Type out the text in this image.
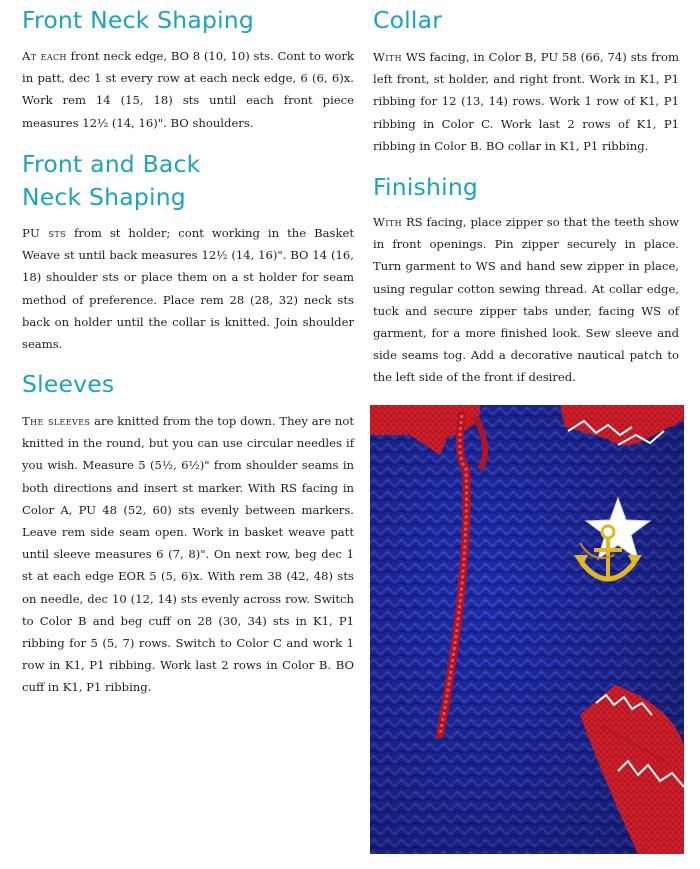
Front Neck Shaping

At each front neck edge, BO 8 (10, 10) sts. Cont to work in patt, dec 1 st every row at each neck edge, 6 (6, 6)x. Work rem 14 (15, 18) sts until each front piece measures 12½ (14, 16)". BO shoulders.

Front and Back
Neck Shaping

PU sts from st holder; cont working in the Basket Weave st until back measures 12½ (14, 16)". BO 14 (16, 18) shoulder sts or place them on a st holder for seam method of preference. Place rem 28 (28, 32) neck sts back on holder until the collar is knitted. Join shoulder seams.

Sleeves

The sleeves are knitted from the top down. They are not knitted in the round, but you can use circular needles if you wish. Measure 5 (5½, 6½)" from shoulder seams in both directions and insert st marker. With RS facing in Color A, PU 48 (52, 60) sts evenly between markers. Leave rem side seam open. Work in basket weave patt until sleeve measures 6 (7, 8)". On next row, beg dec 1 st at each edge EOR 5 (5, 6)x. With rem 38 (42, 48) sts on needle, dec 10 (12, 14) sts evenly across row. Switch to Color B and beg cuff on 28 (30, 34) sts in K1, P1 ribbing for 5 (5, 7) rows. Switch to Color C and work 1 row in K1, P1 ribbing. Work last 2 rows in Color B. BO cuff in K1, P1 ribbing.

Collar

With WS facing, in Color B, PU 58 (66, 74) sts from left front, st holder, and right front. Work in K1, P1 ribbing for 12 (13, 14) rows. Work 1 row of K1, P1 ribbing in Color C. Work last 2 rows of K1, P1 ribbing in Color B. BO collar in K1, P1 ribbing.

Finishing

With RS facing, place zipper so that the teeth show in front openings. Pin zipper securely in place. Turn garment to WS and hand sew zipper in place, using regular cotton sewing thread. At collar edge, tuck and secure zipper tabs under, facing WS of garment, for a more finished look. Sew sleeve and side seams tog. Add a decorative nautical patch to the left side of the front if desired.
